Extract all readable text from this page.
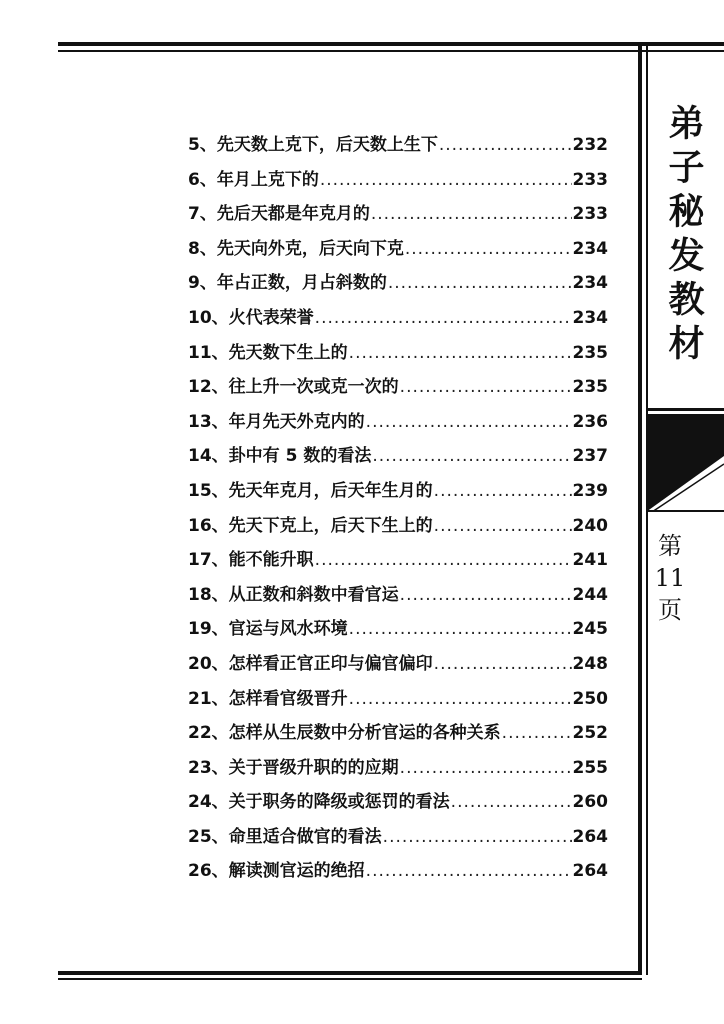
弟子秘发教材
第
11
页
5 、 先天数上克下，后天数上生下 .....	232
6 、 年月上克下的 .....	233
7 、 先后天都是年克月的 .....	233
8 、 先天向外克，后天向下克 .....	234
9 、 年占正数，月占斜数的 .....	234
10 、 火代表荣誉 .....	234
11 、 先天数下生上的 .....	235
12 、 往上升一次或克一次的 .....	235
13 、 年月先天外克内的 .....	236
14 、 卦中有 5 数的看法 .....	237
15 、 先天年克月，后天年生月的 .....	239
16 、 先天下克上，后天下生上的 .....	240
17 、 能不能升职 .....	241
18 、 从正数和斜数中看官运 .....	244
19 、 官运与风水环境 .....	245
20 、 怎样看正官正印与偏官偏印 .....	248
21 、 怎样看官级晋升 .....	250
22 、 怎样从生辰数中分析官运的各种关系 .....	252
23 、 关于晋级升职的的应期 .....	255
24 、 关于职务的降级或惩罚的看法 .....	260
25 、 命里适合做官的看法 .....	264
26 、 解读测官运的绝招 .....	264
